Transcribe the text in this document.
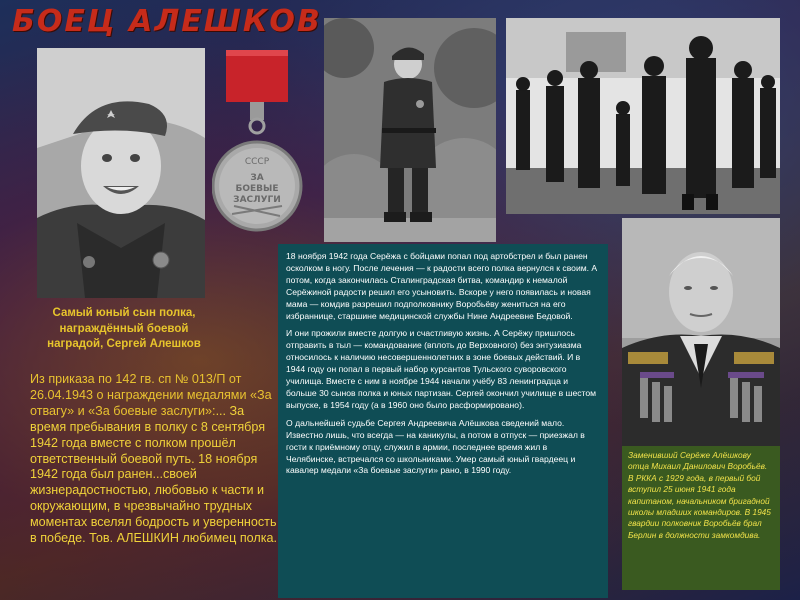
БОЕЦ АЛЕШКОВ
СССР
ЗА
БОЕВЫЕ
ЗАСЛУГИ

Самый юный сын полка, награждённый боевой наградой, Сергей Алешков

Из приказа по 142 гв. сп № 013/П от 26.04.1943 о награждении медалями «За отвагу» и «За боевые заслуги»:... За время пребывания в полку с 8 сентября 1942 года вместе с полком прошёл ответственный боевой путь. 18 ноября 1942 года был ранен...своей жизнерадостностью, любовью к части и окружающим, в чрезвычайно трудных моментах вселял бодрость и уверенность в победе. Тов. АЛЕШКИН любимец полка.

18 ноября 1942 года Серёжа с бойцами попал под артобстрел и был ранен осколком в ногу. После лечения — к радости всего полка вернулся к своим. А потом, когда закончилась Сталинградская битва, командир к немалой Серёжиной радости решил его усыновить. Вскоре у него появилась и новая мама — комдив разрешил подполковнику Воробьёву жениться на его избраннице, старшине медицинской службы Нине Андреевне Бедовой.

И они прожили вместе долгую и счастливую жизнь. А Серёжу пришлось отправить в тыл — командование (вплоть до Верховного) без энтузиазма относилось к наличию несовершеннолетних в зоне боевых действий. И в 1944 году он попал в первый набор курсантов Тульского суворовского училища. Вместе с ним в ноябре 1944 начали учёбу 83 ленинградца и больше 30 сынов полка и юных партизан. Сергей окончил училище в шестом выпуске, в 1954 году (а в 1960 оно было расформировано).

О дальнейшей судьбе Сергея Андреевича Алёшкова сведений мало. Известно лишь, что всегда — на каникулы, а потом в отпуск — приезжал в гости к приёмному отцу, служил в армии, последнее время жил в Челябинске, встречался со школьниками. Умер самый юный гвардеец и кавалер медали «За боевые заслуги» рано, в 1990 году.

Заменивший Серёже Алёшкову отца Михаил Данилович Воробьёв. В РККА с 1929 года, в первый бой вступил 25 июня 1941 года капитаном, начальником бригадной школы младших командиров. В 1945 гвардии полковник Воробьёв брал Берлин в должности замкомдива.
